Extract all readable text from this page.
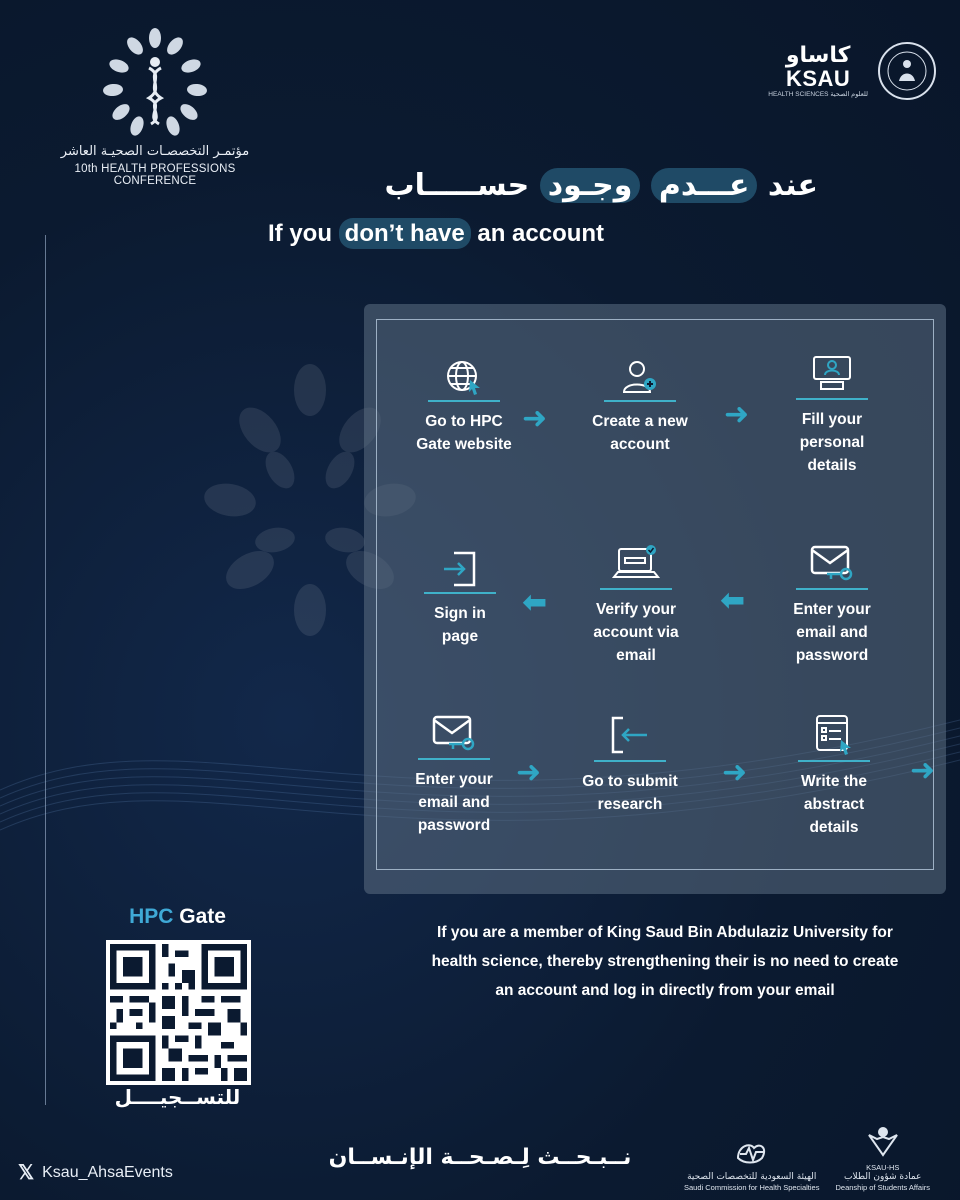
مؤتمـر التخصصـات الصحيـة العاشر
10th HEALTH PROFESSIONS CONFERENCE
كاساو
KSAU
HEALTH SCIENCES للعلوم الصحية
عند عـــدم وجـود حســـــاب
If you don’t have an account
Go to HPC
Gate website
➜	Create a new
account
➜	Fill your
personal
details
Enter your
email and
password
⬅
Verify your
account via
email
⬅
Sign in
page
Enter your
email and
password
➜	Go to submit
research
➜	Write the
abstract
details
➜
If you are a member of King Saud Bin Abdulaziz University for
health science, thereby strengthening their is no need to create
an account and log in directly from your email
HPC Gate
للتســجيــــل
𝕏 Ksau_AhsaEvents
نــبـحــث لِـصـحــة الإنـســان
الهيئة السعودية للتخصصات الصحية
Saudi Commission for Health Specialties
KSAU-HS
عمادة شؤون الطلاب
Deanship of Students Affairs
